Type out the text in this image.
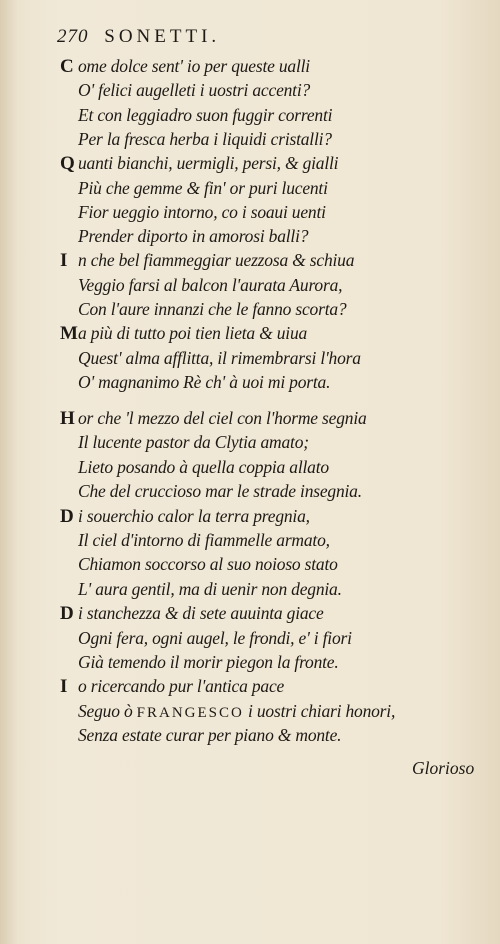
270 SONETTI.
C ome dolce sent' io per queste ualli
O' felici augelleti i uostri accenti?
Et con leggiadro suon fuggir correnti
Per la fresca herba i liquidi cristalli?
Q uanti bianchi, uermigli, persi, & gialli
Più che gemme & fin' or puri lucenti
Fior ueggio intorno, co i soaui uenti
Prender diporto in amorosi balli?
I n che bel fiammeggiar uezzosa & schiua
Veggio farsi al balcon l'aurata Aurora,
Con l'aure innanzi che le fanno scorta?
Ma più di tutto poi tien lieta & uiua
Quest' alma afflitta, il rimembrarsi l'hora
O' magnanimo Rè ch' à uoi mi porta.
H or che 'l mezzo del ciel con l'horme segnia
Il lucente pastor da Clytia amato;
Lieto posando à quella coppia allato
Che del cruccioso mar le strade insegnia.
D i souerchio calor la terra pregnia,
Il ciel d'intorno di fiammelle armato,
Chiamon soccorso al suo noioso stato
L' aura gentil, ma di uenir non degnia.
D i stanchezza & di sete auuinta giace
Ogni fera, ogni augel, le frondi, e' i fiori
Già temendo il morir piegon la fronte.
I o ricercando pur l'antica pace
Seguo ò FRANGESCO i uostri chiari honori,
Senza estate curar per piano & monte.
Glorioso
